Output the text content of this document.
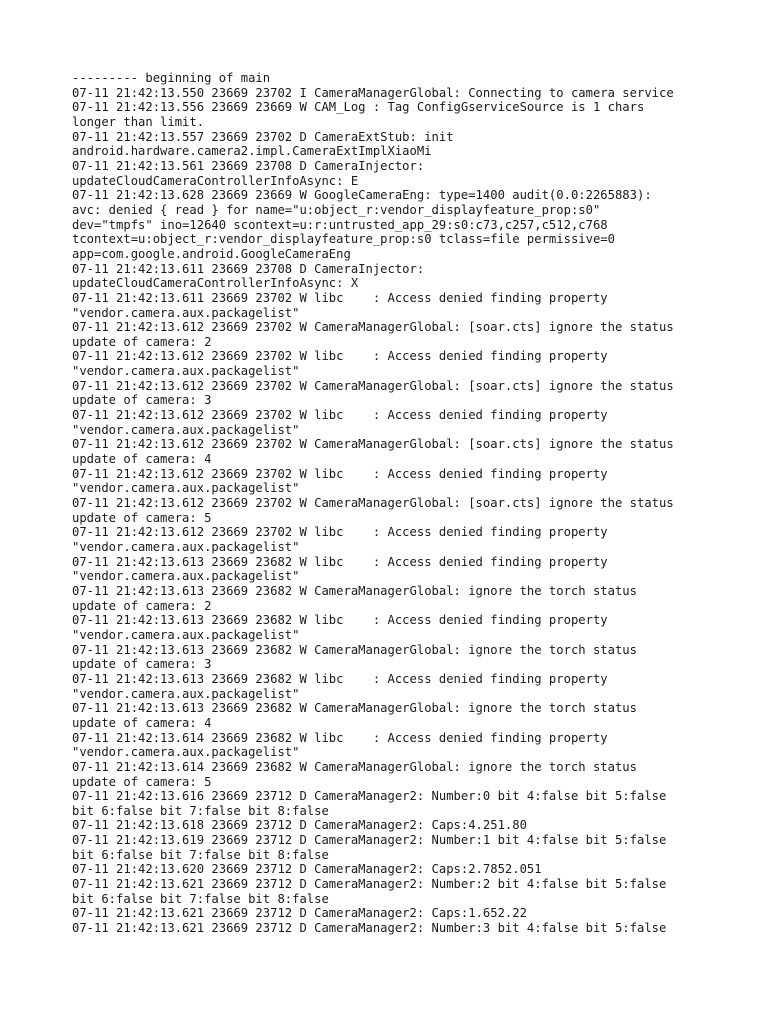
--------- beginning of main
07-11 21:42:13.550 23669 23702 I CameraManagerGlobal: Connecting to camera service
07-11 21:42:13.556 23669 23669 W CAM_Log : Tag ConfigGserviceSource is 1 chars
longer than limit.
07-11 21:42:13.557 23669 23702 D CameraExtStub: init
android.hardware.camera2.impl.CameraExtImplXiaoMi
07-11 21:42:13.561 23669 23708 D CameraInjector:
updateCloudCameraControllerInfoAsync: E
07-11 21:42:13.628 23669 23669 W GoogleCameraEng: type=1400 audit(0.0:2265883):
avc: denied { read } for name="u:object_r:vendor_displayfeature_prop:s0"
dev="tmpfs" ino=12640 scontext=u:r:untrusted_app_29:s0:c73,c257,c512,c768
tcontext=u:object_r:vendor_displayfeature_prop:s0 tclass=file permissive=0
app=com.google.android.GoogleCameraEng
07-11 21:42:13.611 23669 23708 D CameraInjector:
updateCloudCameraControllerInfoAsync: X
07-11 21:42:13.611 23669 23702 W libc    : Access denied finding property
"vendor.camera.aux.packagelist"
07-11 21:42:13.612 23669 23702 W CameraManagerGlobal: [soar.cts] ignore the status
update of camera: 2
07-11 21:42:13.612 23669 23702 W libc    : Access denied finding property
"vendor.camera.aux.packagelist"
07-11 21:42:13.612 23669 23702 W CameraManagerGlobal: [soar.cts] ignore the status
update of camera: 3
07-11 21:42:13.612 23669 23702 W libc    : Access denied finding property
"vendor.camera.aux.packagelist"
07-11 21:42:13.612 23669 23702 W CameraManagerGlobal: [soar.cts] ignore the status
update of camera: 4
07-11 21:42:13.612 23669 23702 W libc    : Access denied finding property
"vendor.camera.aux.packagelist"
07-11 21:42:13.612 23669 23702 W CameraManagerGlobal: [soar.cts] ignore the status
update of camera: 5
07-11 21:42:13.612 23669 23702 W libc    : Access denied finding property
"vendor.camera.aux.packagelist"
07-11 21:42:13.613 23669 23682 W libc    : Access denied finding property
"vendor.camera.aux.packagelist"
07-11 21:42:13.613 23669 23682 W CameraManagerGlobal: ignore the torch status
update of camera: 2
07-11 21:42:13.613 23669 23682 W libc    : Access denied finding property
"vendor.camera.aux.packagelist"
07-11 21:42:13.613 23669 23682 W CameraManagerGlobal: ignore the torch status
update of camera: 3
07-11 21:42:13.613 23669 23682 W libc    : Access denied finding property
"vendor.camera.aux.packagelist"
07-11 21:42:13.613 23669 23682 W CameraManagerGlobal: ignore the torch status
update of camera: 4
07-11 21:42:13.614 23669 23682 W libc    : Access denied finding property
"vendor.camera.aux.packagelist"
07-11 21:42:13.614 23669 23682 W CameraManagerGlobal: ignore the torch status
update of camera: 5
07-11 21:42:13.616 23669 23712 D CameraManager2: Number:0 bit 4:false bit 5:false
bit 6:false bit 7:false bit 8:false
07-11 21:42:13.618 23669 23712 D CameraManager2: Caps:4.251.80
07-11 21:42:13.619 23669 23712 D CameraManager2: Number:1 bit 4:false bit 5:false
bit 6:false bit 7:false bit 8:false
07-11 21:42:13.620 23669 23712 D CameraManager2: Caps:2.7852.051
07-11 21:42:13.621 23669 23712 D CameraManager2: Number:2 bit 4:false bit 5:false
bit 6:false bit 7:false bit 8:false
07-11 21:42:13.621 23669 23712 D CameraManager2: Caps:1.652.22
07-11 21:42:13.621 23669 23712 D CameraManager2: Number:3 bit 4:false bit 5:false
